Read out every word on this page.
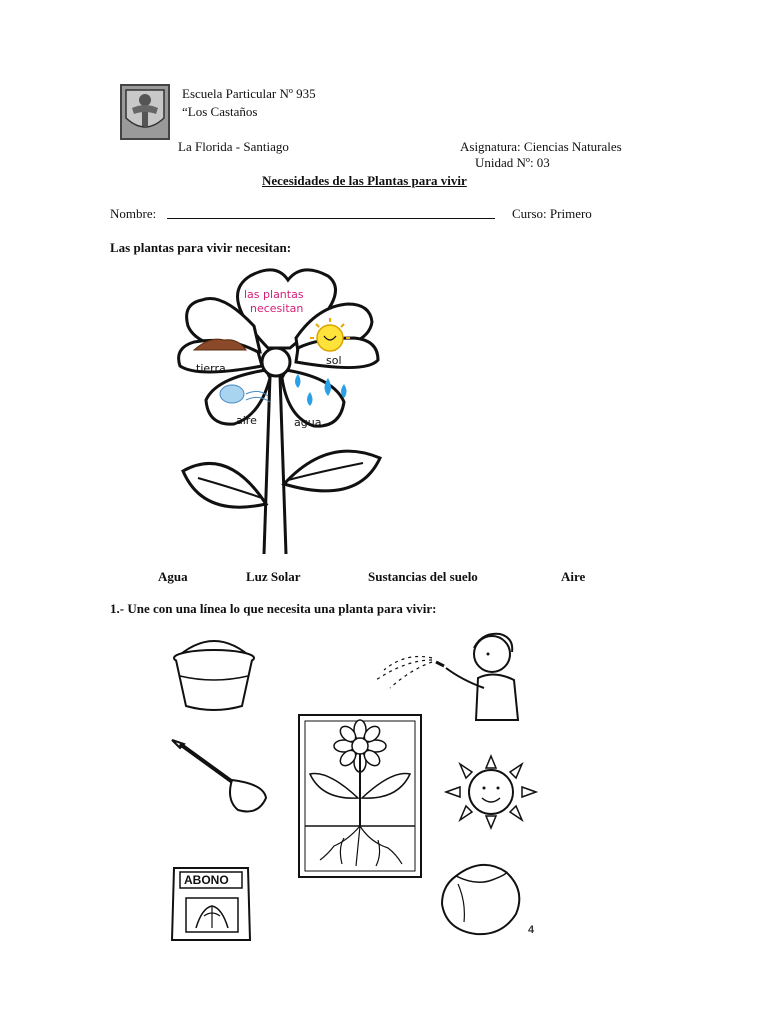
Escuela Particular Nº 935
“Los Castaños
La Florida - Santiago	Asignatura: Ciencias Naturales
Unidad Nº: 03
Necesidades de las Plantas para vivir
Nombre:	Curso: Primero
Las plantas para vivir necesitan:
las plantas
necesitan
tierra
sol
aire	agua
Agua	Luz Solar	Sustancias del suelo	Aire
1.- Une con una línea lo que necesita una planta para vivir:
ABONO
4
